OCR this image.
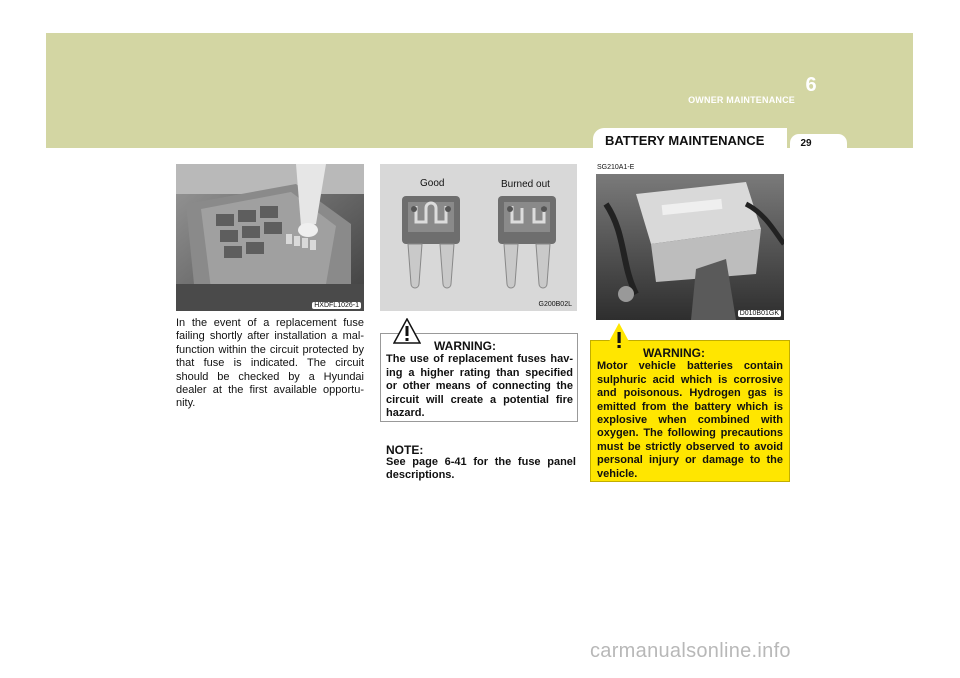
6
OWNER MAINTENANCE
BATTERY MAINTENANCE	29
HXDFL1026-1
In the event of a replacement fuse failing shortly after installation a mal-function within the circuit protected by that fuse is indicated. The circuit should be checked by a Hyundai dealer at the first available opportu-nity.
Good	Burned out
G200B02L
WARNING:
The use of replacement fuses hav-ing a higher rating than specified or other means of connecting the circuit will create a potential fire hazard.
NOTE:
See page 6-41 for the fuse panel descriptions.
SG210A1-E
D010B01GK
WARNING:
Motor vehicle batteries contain sulphuric acid which is corrosive and poisonous. Hydrogen gas is emitted from the battery which is explosive when combined with oxygen. The following precautions must be strictly observed to avoid personal injury or damage to the vehicle.
carmanualsonline.info
